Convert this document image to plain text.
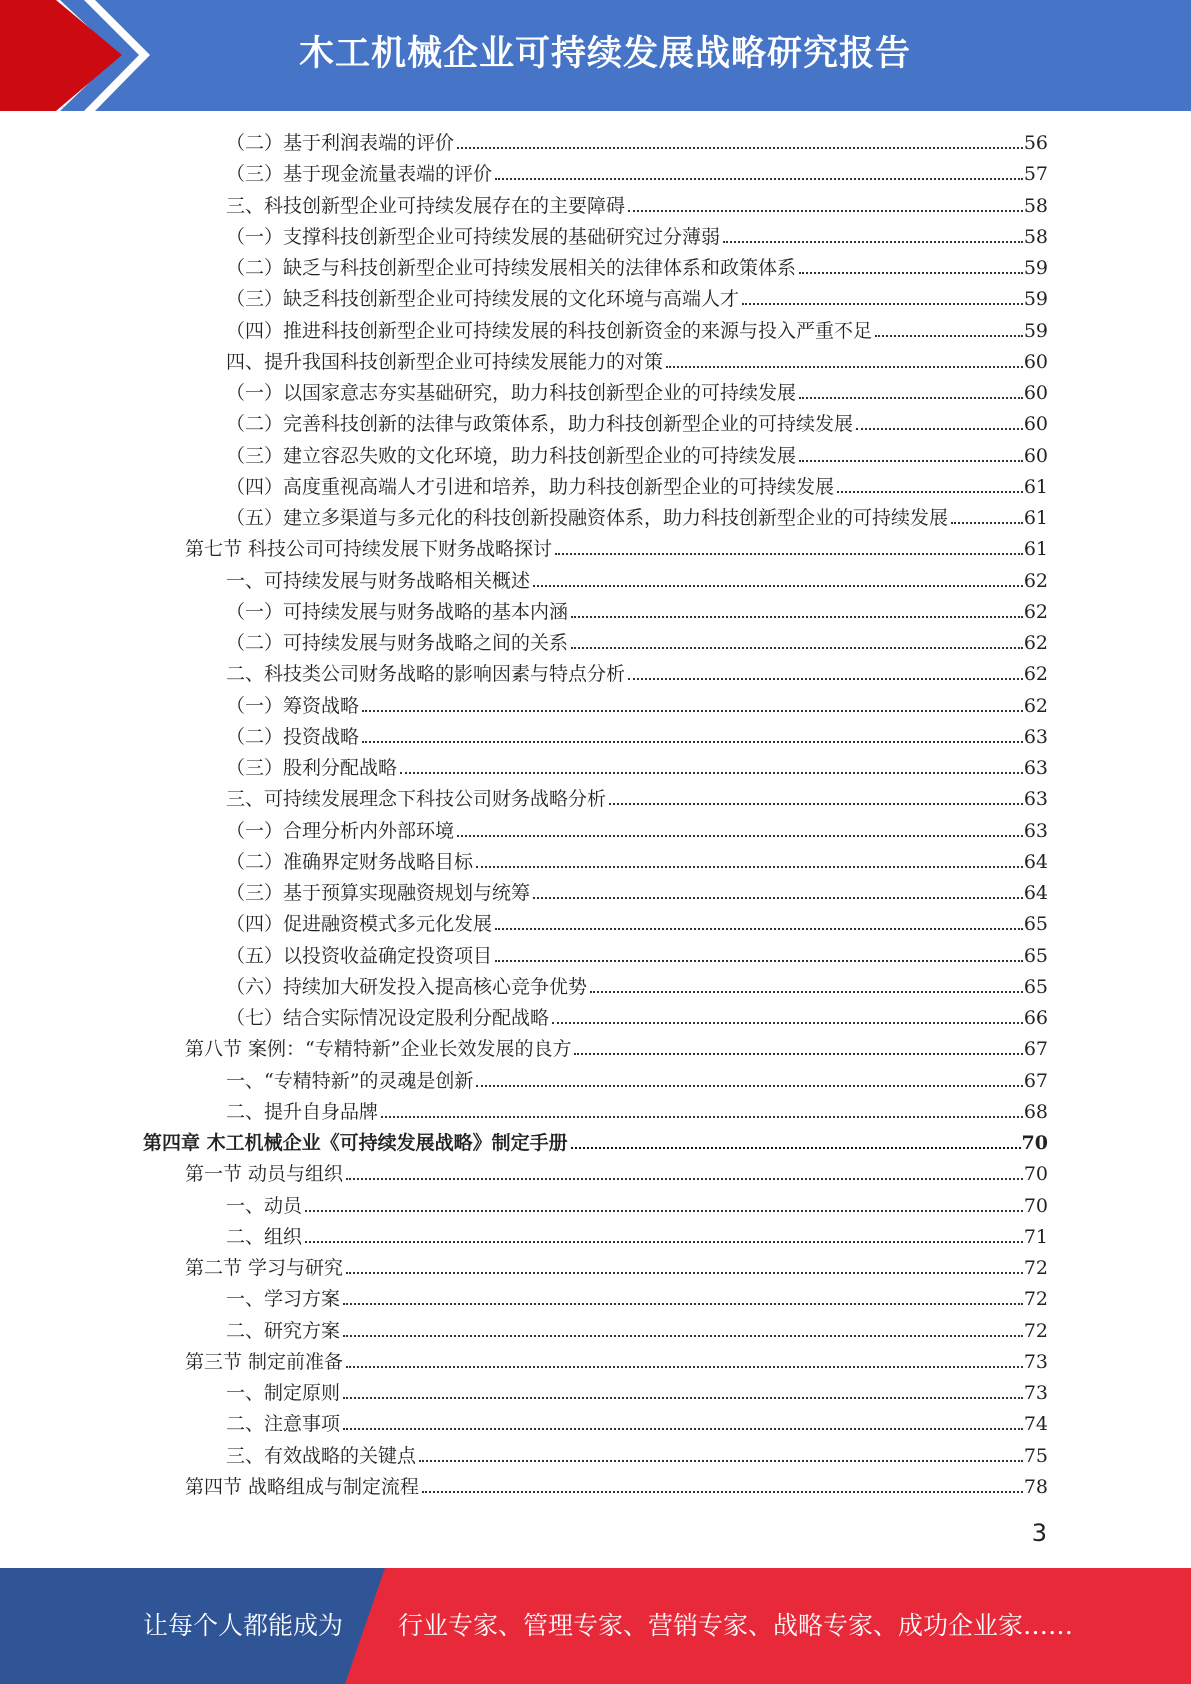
木工机械企业可持续发展战略研究报告
（二）基于利润表端的评价	56
（三）基于现金流量表端的评价	57
三、科技创新型企业可持续发展存在的主要障碍	58
（一）支撑科技创新型企业可持续发展的基础研究过分薄弱	58
（二）缺乏与科技创新型企业可持续发展相关的法律体系和政策体系	59
（三）缺乏科技创新型企业可持续发展的文化环境与高端人才	59
（四）推进科技创新型企业可持续发展的科技创新资金的来源与投入严重不足	59
四、提升我国科技创新型企业可持续发展能力的对策	60
（一）以国家意志夯实基础研究，助力科技创新型企业的可持续发展	60
（二）完善科技创新的法律与政策体系，助力科技创新型企业的可持续发展	60
（三）建立容忍失败的文化环境，助力科技创新型企业的可持续发展	60
（四）高度重视高端人才引进和培养，助力科技创新型企业的可持续发展	61
（五）建立多渠道与多元化的科技创新投融资体系，助力科技创新型企业的可持续发展	61
第七节 科技公司可持续发展下财务战略探讨	61
一、可持续发展与财务战略相关概述	62
（一）可持续发展与财务战略的基本内涵	62
（二）可持续发展与财务战略之间的关系	62
二、科技类公司财务战略的影响因素与特点分析	62
（一）筹资战略	62
（二）投资战略	63
（三）股利分配战略	63
三、可持续发展理念下科技公司财务战略分析	63
（一）合理分析内外部环境	63
（二）准确界定财务战略目标	64
（三）基于预算实现融资规划与统筹	64
（四）促进融资模式多元化发展	65
（五）以投资收益确定投资项目	65
（六）持续加大研发投入提高核心竞争优势	65
（七）结合实际情况设定股利分配战略	66
第八节 案例：“专精特新”企业长效发展的良方	67
一、“专精特新”的灵魂是创新	67
二、提升自身品牌	68
第四章 木工机械企业《可持续发展战略》制定手册	70
第一节 动员与组织	70
一、动员	70
二、组织	71
第二节 学习与研究	72
一、学习方案	72
二、研究方案	72
第三节 制定前准备	73
一、制定原则	73
二、注意事项	74
三、有效战略的关键点	75
第四节 战略组成与制定流程	78
3
让每个人都能成为 行业专家、管理专家、营销专家、战略专家、成功企业家……
